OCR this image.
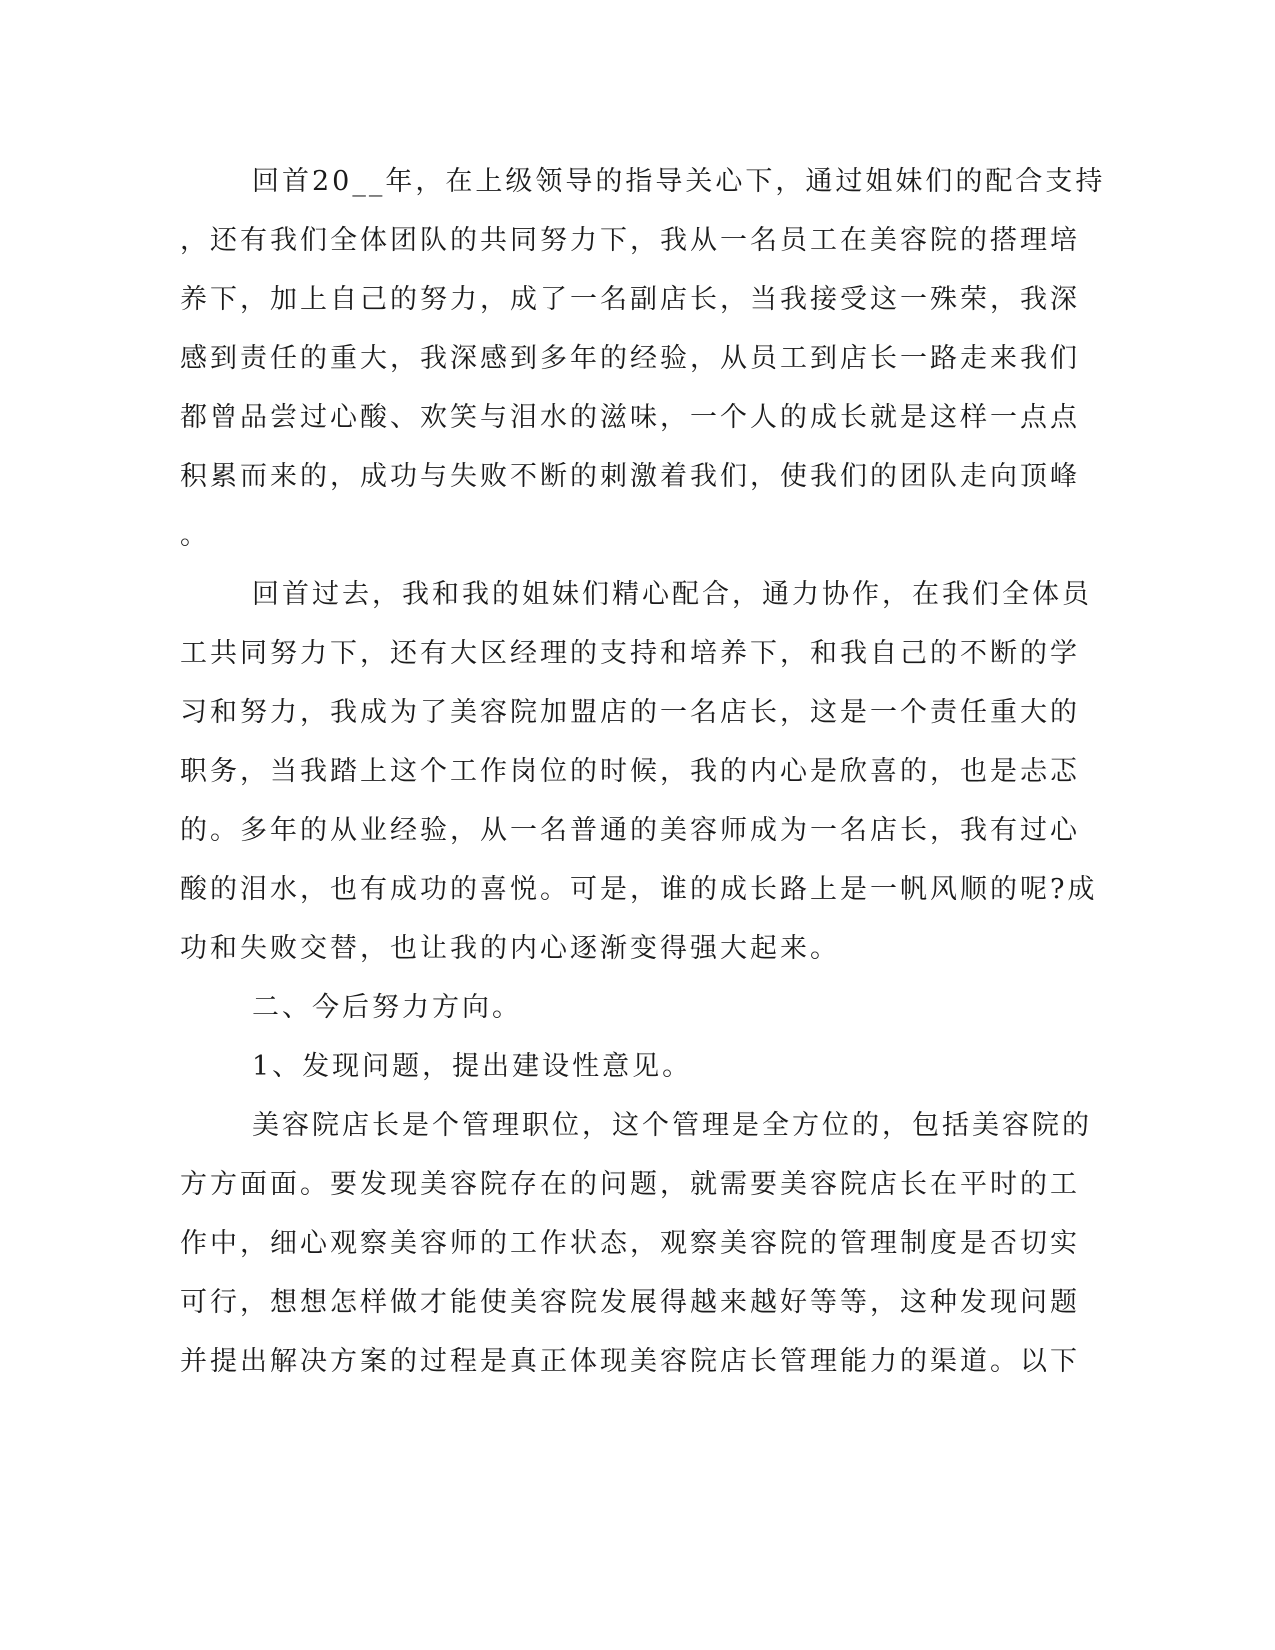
回首20__年，在上级领导的指导关心下，通过姐妹们的配合支持
，还有我们全体团队的共同努力下，我从一名员工在美容院的搭理培
养下，加上自己的努力，成了一名副店长，当我接受这一殊荣，我深
感到责任的重大，我深感到多年的经验，从员工到店长一路走来我们
都曾品尝过心酸、欢笑与泪水的滋味，一个人的成长就是这样一点点
积累而来的，成功与失败不断的刺激着我们，使我们的团队走向顶峰
。
回首过去，我和我的姐妹们精心配合，通力协作，在我们全体员
工共同努力下，还有大区经理的支持和培养下，和我自己的不断的学
习和努力，我成为了美容院加盟店的一名店长，这是一个责任重大的
职务，当我踏上这个工作岗位的时候，我的内心是欣喜的，也是忐忑
的。多年的从业经验，从一名普通的美容师成为一名店长，我有过心
酸的泪水，也有成功的喜悦。可是，谁的成长路上是一帆风顺的呢?成
功和失败交替，也让我的内心逐渐变得强大起来。
二、今后努力方向。
1、发现问题，提出建设性意见。
美容院店长是个管理职位，这个管理是全方位的，包括美容院的
方方面面。要发现美容院存在的问题，就需要美容院店长在平时的工
作中，细心观察美容师的工作状态，观察美容院的管理制度是否切实
可行，想想怎样做才能使美容院发展得越来越好等等，这种发现问题
并提出解决方案的过程是真正体现美容院店长管理能力的渠道。以下
